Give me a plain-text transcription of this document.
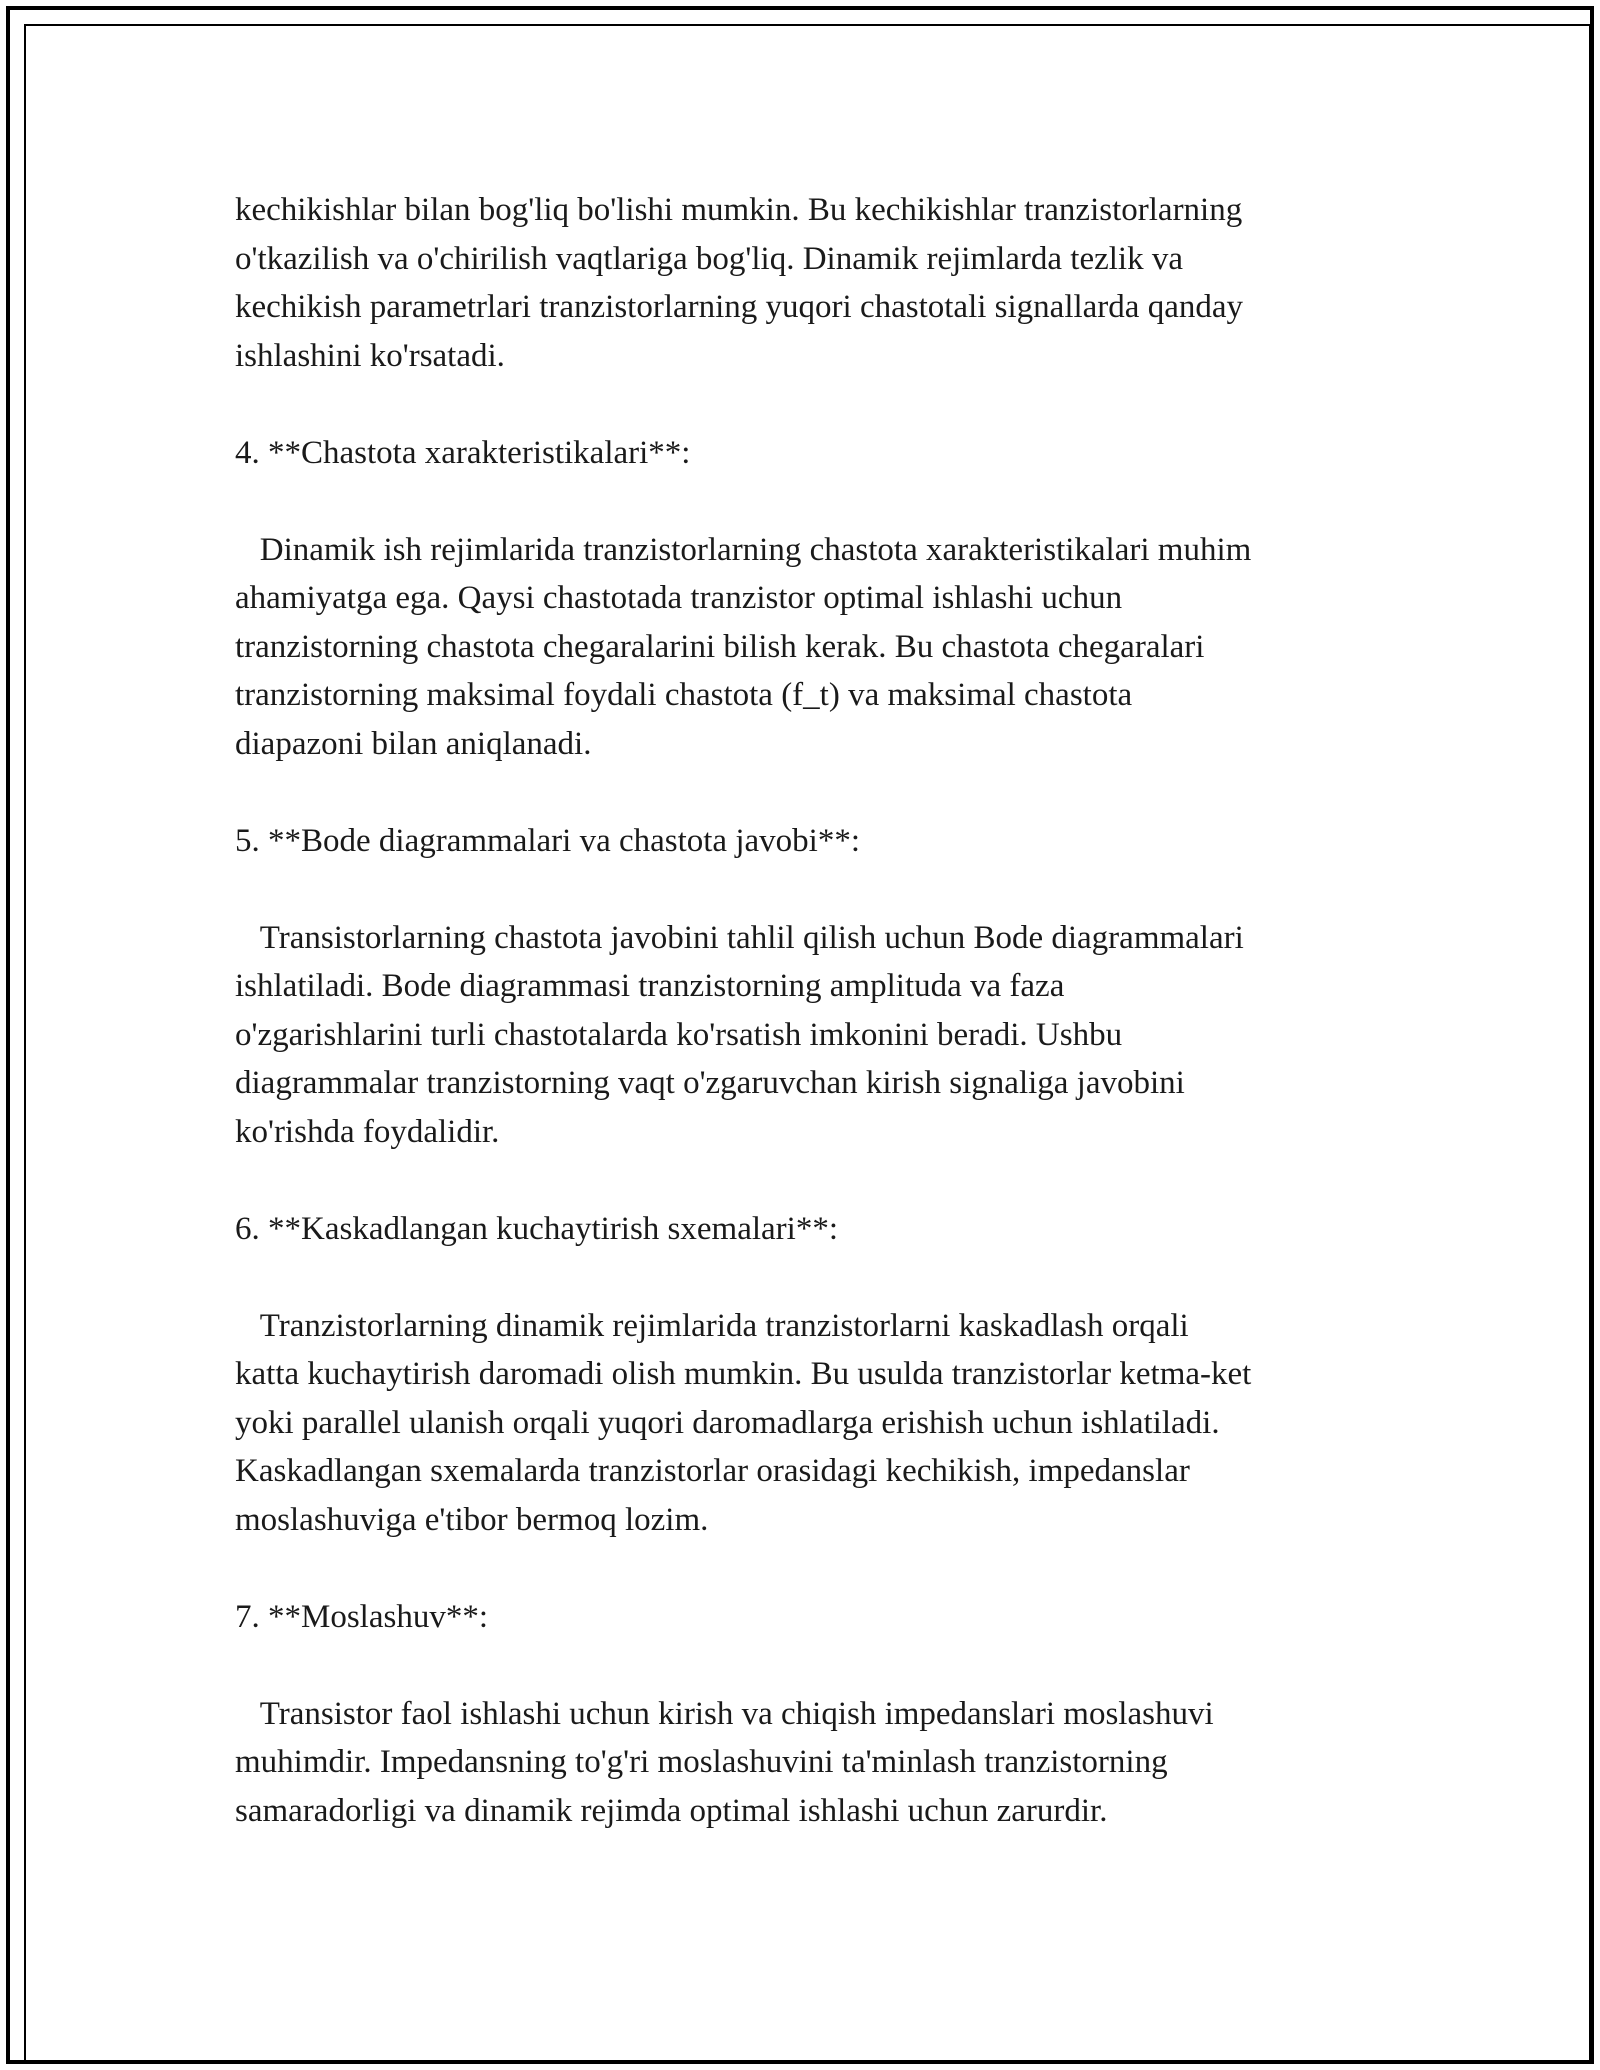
kechikishlar bilan bog'liq bo'lishi mumkin. Bu kechikishlar tranzistorlarning
o'tkazilish va o'chirilish vaqtlariga bog'liq. Dinamik rejimlarda tezlik va
kechikish parametrlari tranzistorlarning yuqori chastotali signallarda qanday
ishlashini ko'rsatadi.

4. **Chastota xarakteristikalari**:

Dinamik ish rejimlarida tranzistorlarning chastota xarakteristikalari muhim
ahamiyatga ega. Qaysi chastotada tranzistor optimal ishlashi uchun
tranzistorning chastota chegaralarini bilish kerak. Bu chastota chegaralari
tranzistorning maksimal foydali chastota (f_t) va maksimal chastota
diapazoni bilan aniqlanadi.

5. **Bode diagrammalari va chastota javobi**:

Transistorlarning chastota javobini tahlil qilish uchun Bode diagrammalari
ishlatiladi. Bode diagrammasi tranzistorning amplituda va faza
o'zgarishlarini turli chastotalarda ko'rsatish imkonini beradi. Ushbu
diagrammalar tranzistorning vaqt o'zgaruvchan kirish signaliga javobini
ko'rishda foydalidir.

6. **Kaskadlangan kuchaytirish sxemalari**:

Tranzistorlarning dinamik rejimlarida tranzistorlarni kaskadlash orqali
katta kuchaytirish daromadi olish mumkin. Bu usulda tranzistorlar ketma-ket
yoki parallel ulanish orqali yuqori daromadlarga erishish uchun ishlatiladi.
Kaskadlangan sxemalarda tranzistorlar orasidagi kechikish, impedanslar
moslashuviga e'tibor bermoq lozim.

7. **Moslashuv**:

Transistor faol ishlashi uchun kirish va chiqish impedanslari moslashuvi
muhimdir. Impedansning to'g'ri moslashuvini ta'minlash tranzistorning
samaradorligi va dinamik rejimda optimal ishlashi uchun zarurdir.
